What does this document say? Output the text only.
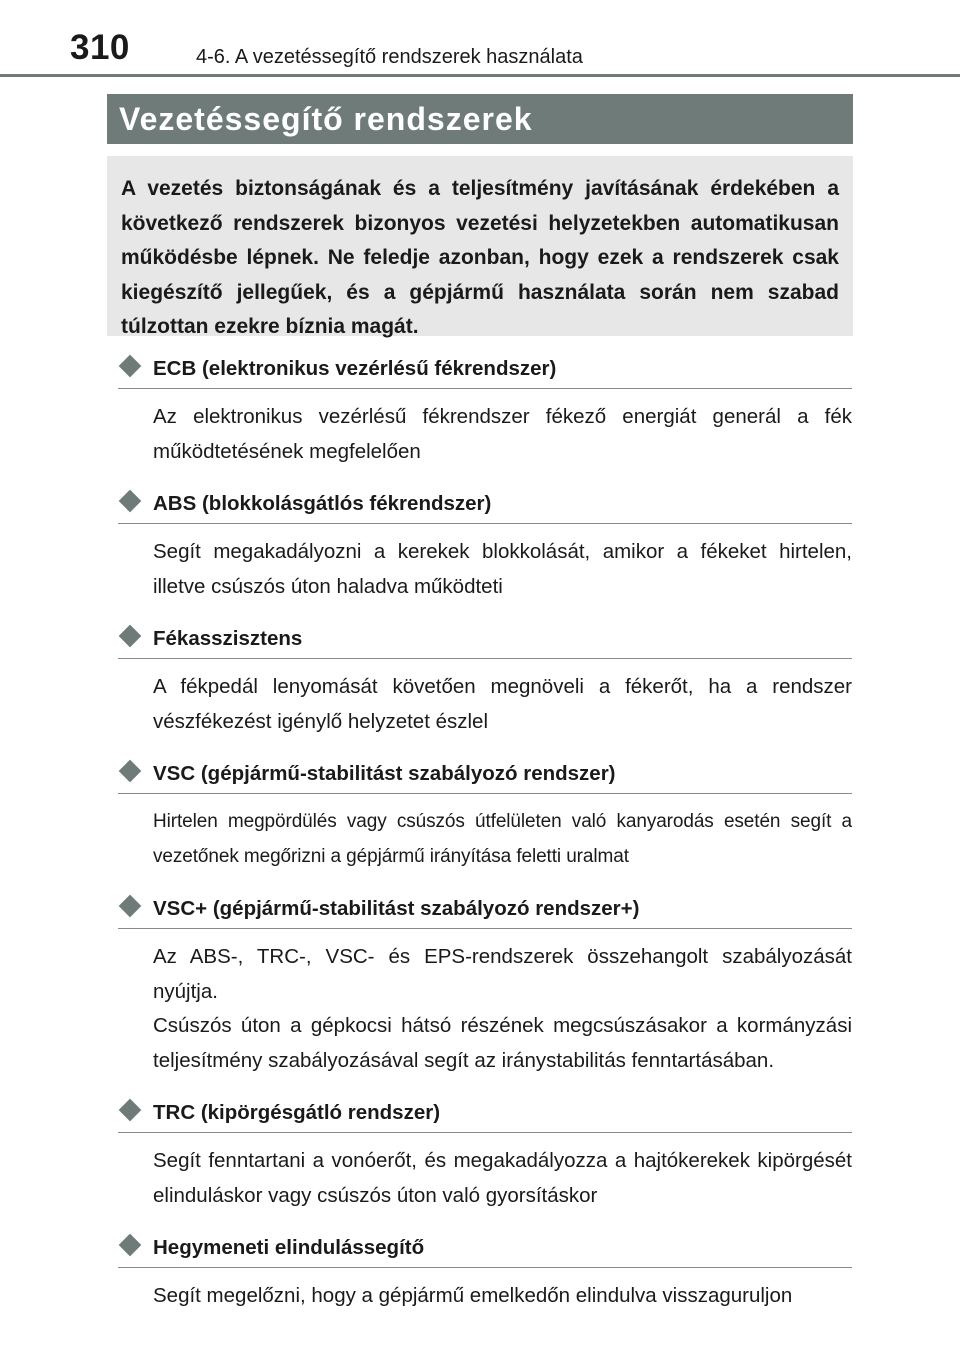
310	4-6. A vezetéssegítő rendszerek használata
Vezetéssegítő rendszerek

A vezetés biztonságának és a teljesítmény javításának érdekében a következő rendszerek bizonyos vezetési helyzetekben automatikusan működésbe lépnek. Ne feledje azonban, hogy ezek a rendszerek csak kiegészítő jellegűek, és a gépjármű használata során nem szabad túlzottan ezekre bíznia magát.

ECB (elektronikus vezérlésű fékrendszer)

Az elektronikus vezérlésű fékrendszer fékező energiát generál a fék működtetésének megfelelően

ABS (blokkolásgátlós fékrendszer)

Segít megakadályozni a kerekek blokkolását, amikor a fékeket hirtelen, illetve csúszós úton haladva működteti

Fékasszisztens

A fékpedál lenyomását követően megnöveli a fékerőt, ha a rendszer vészfékezést igénylő helyzetet észlel

VSC (gépjármű-stabilitást szabályozó rendszer)

Hirtelen megpördülés vagy csúszós útfelületen való kanyarodás esetén segít a vezetőnek megőrizni a gépjármű irányítása feletti uralmat

VSC+ (gépjármű-stabilitást szabályozó rendszer+)

Az ABS-, TRC-, VSC- és EPS-rendszerek összehangolt szabályozását nyújtja.

Csúszós úton a gépkocsi hátsó részének megcsúszásakor a kormányzási teljesítmény szabályozásával segít az iránystabilitás fenntartásában.

TRC (kipörgésgátló rendszer)

Segít fenntartani a vonóerőt, és megakadályozza a hajtókerekek kipörgését elinduláskor vagy csúszós úton való gyorsításkor

Hegymeneti elindulássegítő

Segít megelőzni, hogy a gépjármű emelkedőn elindulva visszaguruljon
